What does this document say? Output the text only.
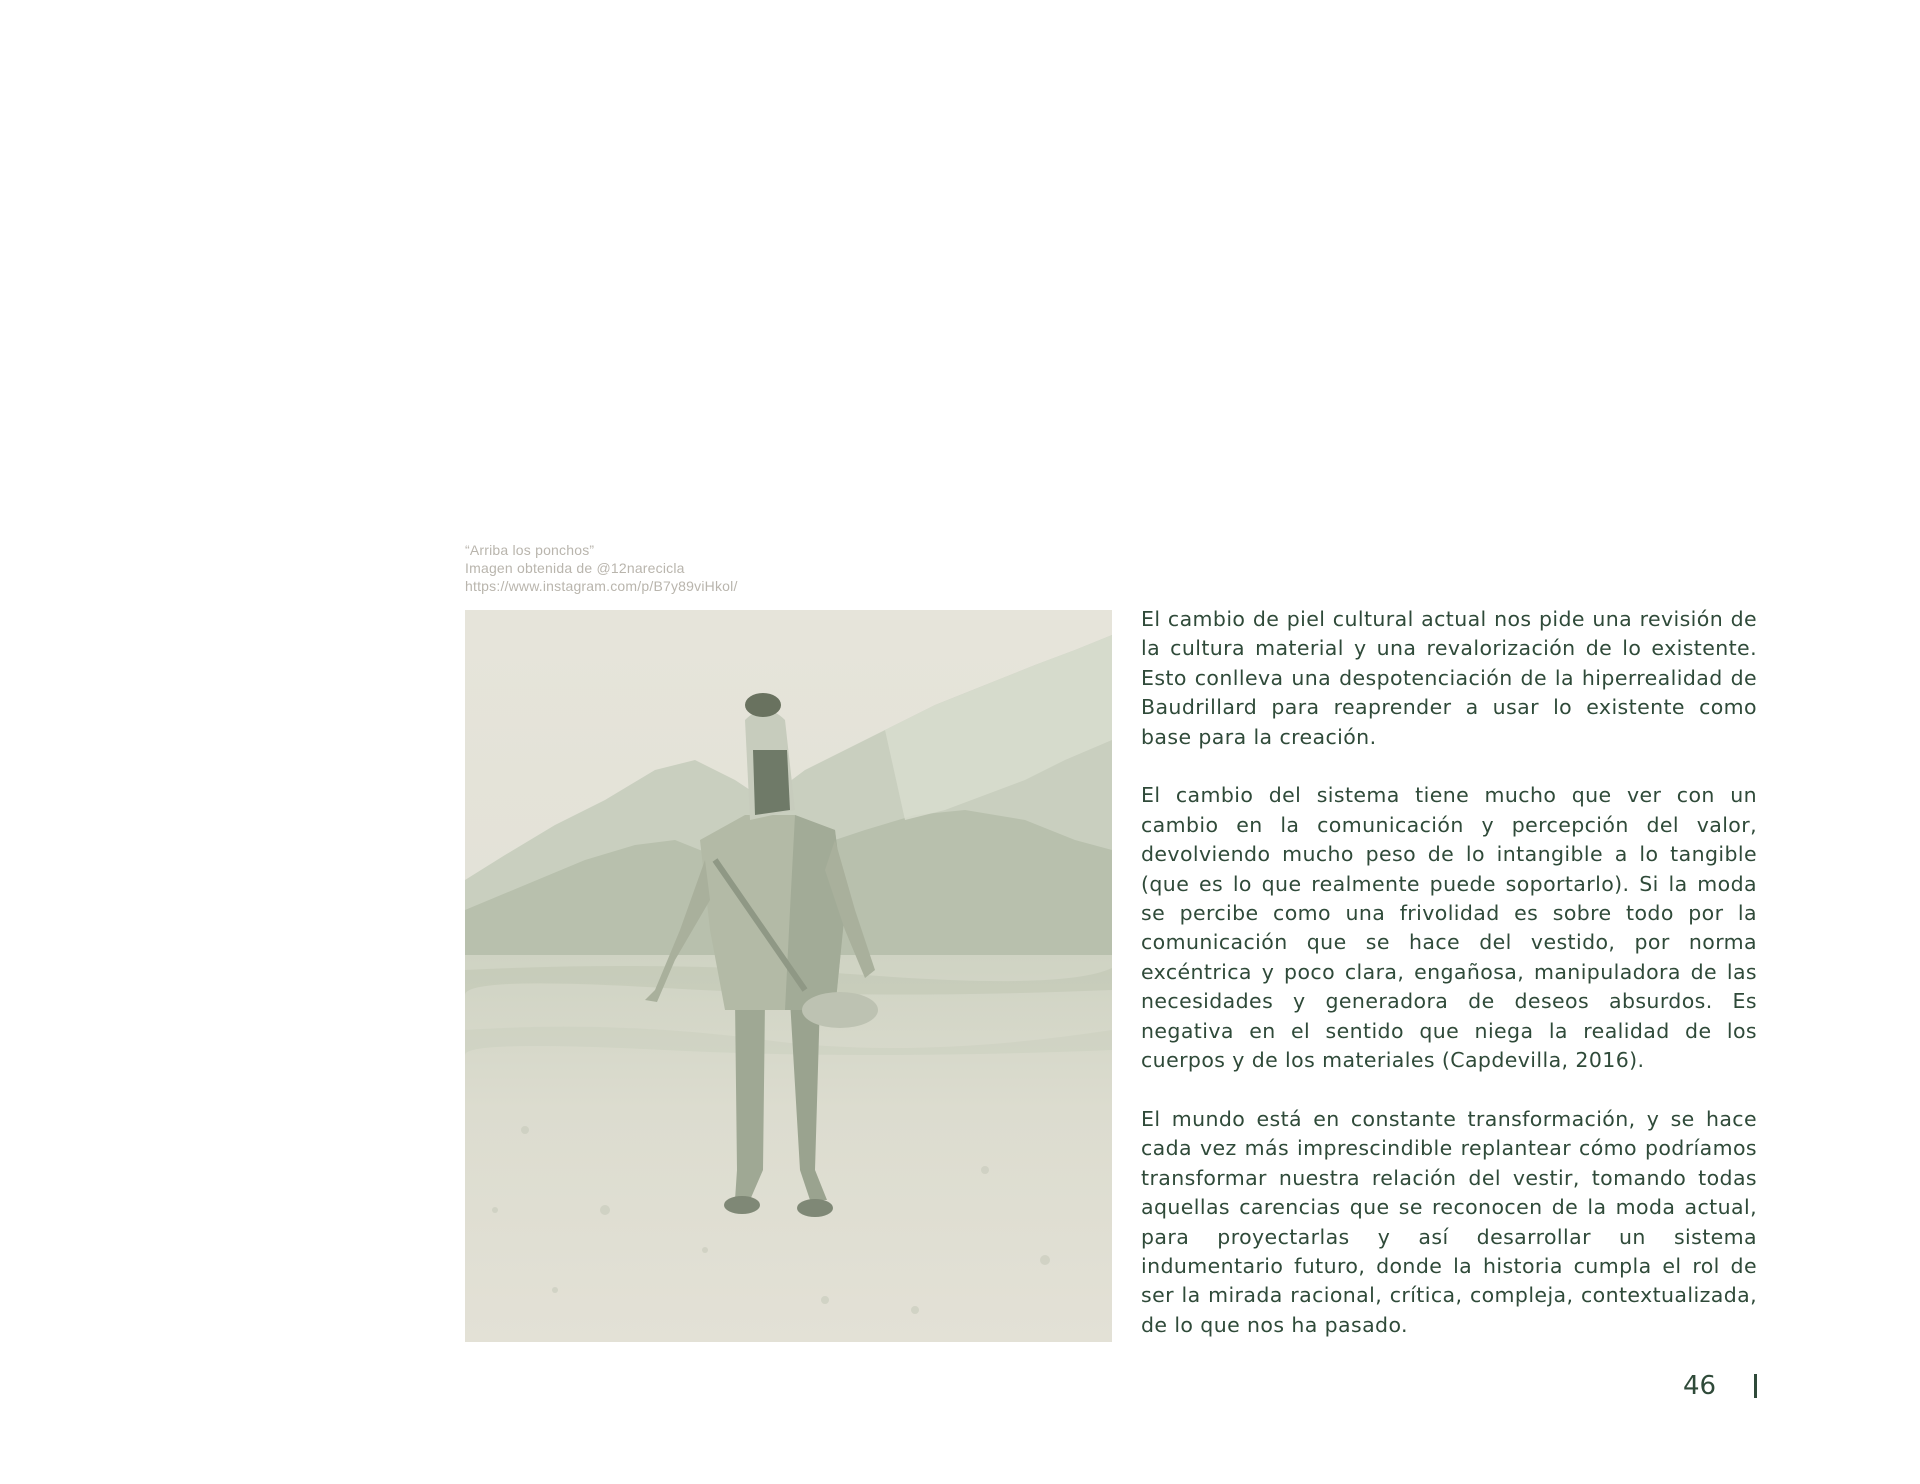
“Arriba los ponchos”
Imagen obtenida de @12narecicla
https://www.instagram.com/p/B7y89viHkol/

El cambio de piel cultural actual nos pide una revisión de la cultura material y una revalorización de lo existente. Esto conlleva una despotenciación de la hiperrealidad de Baudrillard para reaprender a usar lo existente como base para la creación.

El cambio del sistema tiene mucho que ver con un cambio en la comunicación y percepción del valor, devolviendo mucho peso de lo intangible a lo tangible (que es lo que realmente puede soportarlo). Si la moda se percibe como una frivolidad es sobre todo por la comunicación que se hace del vestido, por norma excéntrica y poco clara, engañosa, manipuladora de las necesidades y generadora de deseos absurdos. Es negativa en el sentido que niega la realidad de los cuerpos y de los materiales (Capdevilla, 2016).

El mundo está en constante transformación, y se hace cada vez más imprescindible replantear cómo podríamos transformar nuestra relación del vestir, tomando todas aquellas carencias que se reconocen de la moda actual, para proyectarlas y así desarrollar un sistema indumentario futuro, donde la historia cumpla el rol de ser la mirada racional, crítica, compleja, contextualizada, de lo que nos ha pasado.

46
